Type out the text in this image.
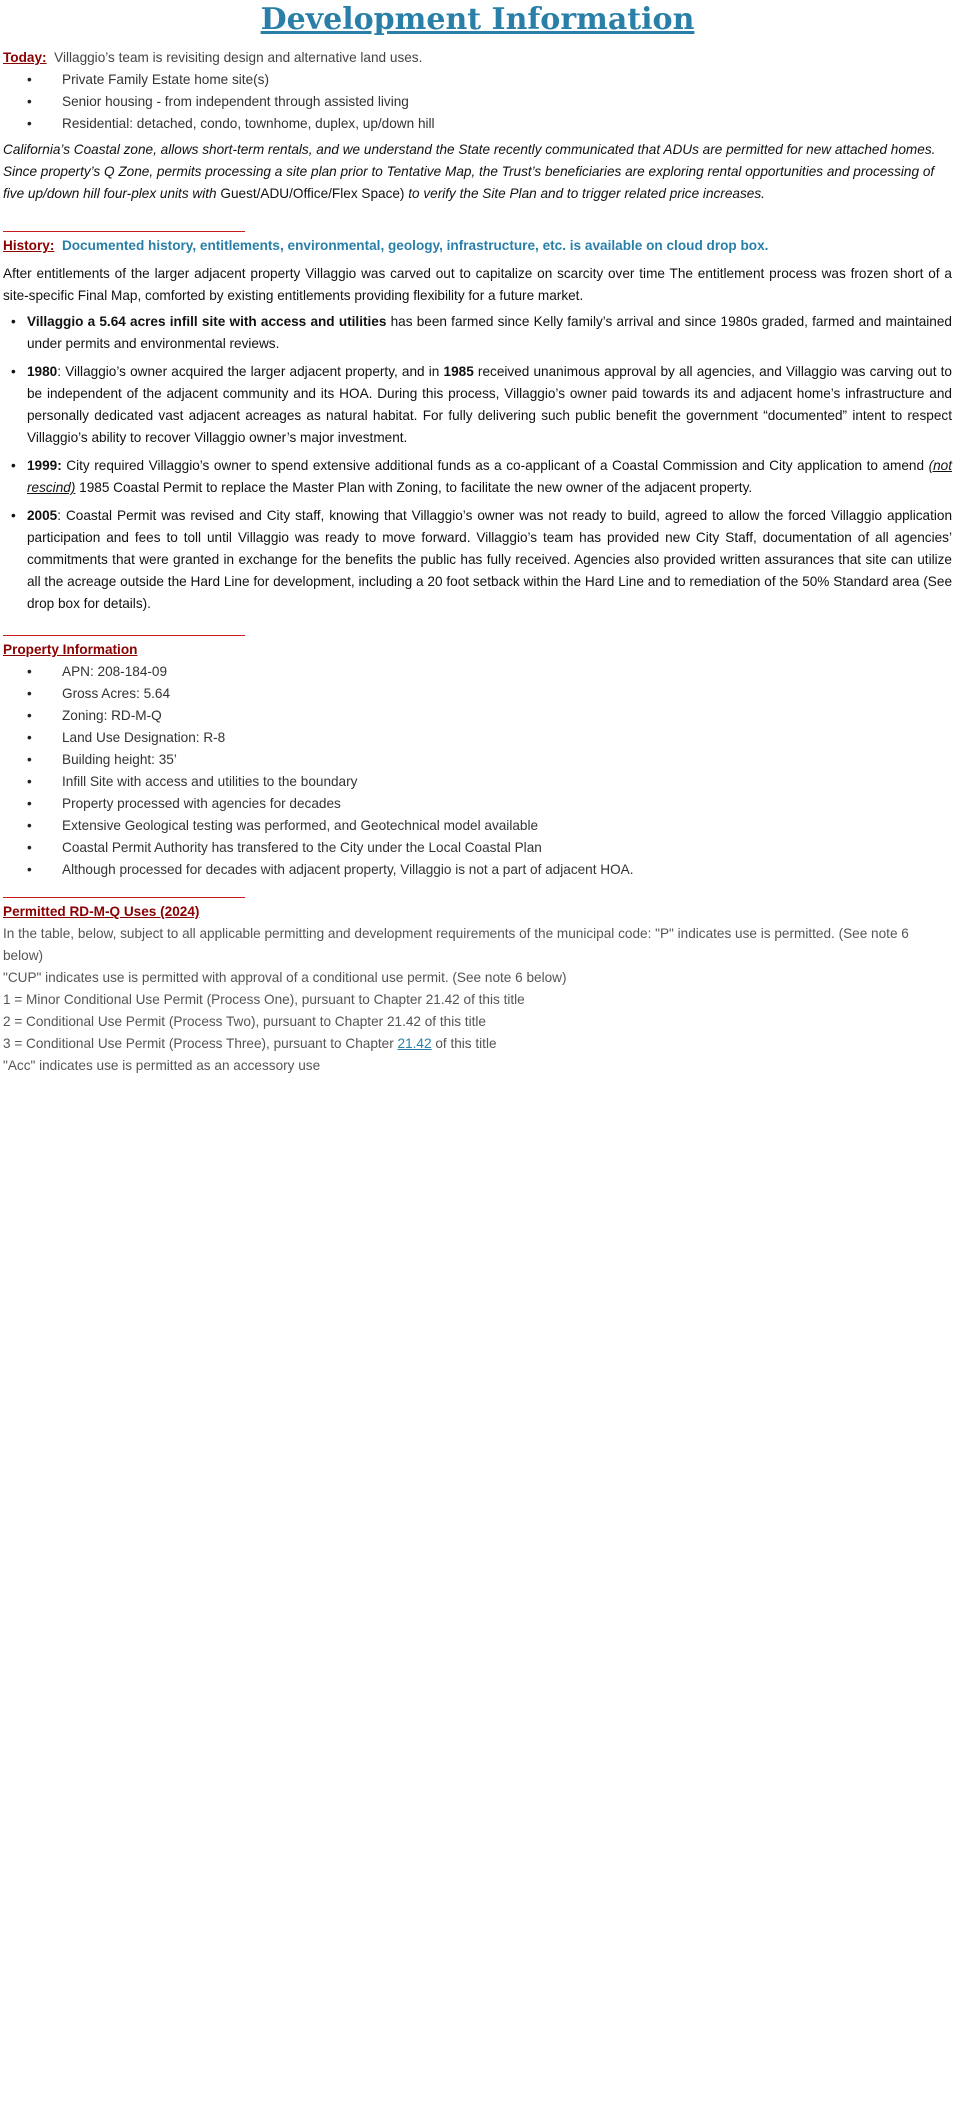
Development Information

Today: Villaggio’s team is revisiting design and alternative land uses.

• Private Family Estate home site(s)
• Senior housing - from independent through assisted living
• Residential: detached, condo, townhome, duplex, up/down hill

California’s Coastal zone, allows short-term rentals, and we understand the State recently communicated that ADUs are permitted for new attached homes. Since property’s Q Zone, permits processing a site plan prior to Tentative Map, the Trust’s beneficiaries are exploring rental opportunities and processing of five up/down hill four-plex units with Guest/ADU/Office/Flex Space) to verify the Site Plan and to trigger related price increases.

________________________________

History: Documented history, entitlements, environmental, geology, infrastructure, etc. is available on cloud drop box.

After entitlements of the larger adjacent property Villaggio was carved out to capitalize on scarcity over time The entitlement process was frozen short of a site-specific Final Map, comforted by existing entitlements providing flexibility for a future market.

• Villaggio a 5.64 acres infill site with access and utilities has been farmed since Kelly family’s arrival and since 1980s graded, farmed and maintained under permits and environmental reviews.
• 1980: Villaggio’s owner acquired the larger adjacent property, and in 1985 received unanimous approval by all agencies, and Villaggio was carving out to be independent of the adjacent community and its HOA. During this process, Villaggio’s owner paid towards its and adjacent home’s infrastructure and personally dedicated vast adjacent acreages as natural habitat. For fully delivering such public benefit the government “documented” intent to respect Villaggio’s ability to recover Villaggio owner’s major investment.
• 1999: City required Villaggio’s owner to spend extensive additional funds as a co-applicant of a Coastal Commission and City application to amend (not rescind) 1985 Coastal Permit to replace the Master Plan with Zoning, to facilitate the new owner of the adjacent property.
• 2005: Coastal Permit was revised and City staff, knowing that Villaggio’s owner was not ready to build, agreed to allow the forced Villaggio application participation and fees to toll until Villaggio was ready to move forward. Villaggio’s team has provided new City Staff, documentation of all agencies’ commitments that were granted in exchange for the benefits the public has fully received. Agencies also provided written assurances that site can utilize all the acreage outside the Hard Line for development, including a 20 foot setback within the Hard Line and to remediation of the 50% Standard area (See drop box for details).

________________________________

Property Information

• APN: 208-184-09
• Gross Acres: 5.64
• Zoning: RD-M-Q
• Land Use Designation: R-8
• Building height: 35’
• Infill Site with access and utilities to the boundary
• Property processed with agencies for decades
• Extensive Geological testing was performed, and Geotechnical model available
• Coastal Permit Authority has transfered to the City under the Local Coastal Plan
• Although processed for decades with adjacent property, Villaggio is not a part of adjacent HOA.

________________________________

Permitted RD-M-Q Uses (2024)

In the table, below, subject to all applicable permitting and development requirements of the municipal code: "P" indicates use is permitted. (See note 6 below)

"CUP" indicates use is permitted with approval of a conditional use permit. (See note 6 below)

1 = Minor Conditional Use Permit (Process One), pursuant to Chapter 21.42 of this title

2 = Conditional Use Permit (Process Two), pursuant to Chapter 21.42 of this title

3 = Conditional Use Permit (Process Three), pursuant to Chapter 21.42 of this title

"Acc" indicates use is permitted as an accessory use
